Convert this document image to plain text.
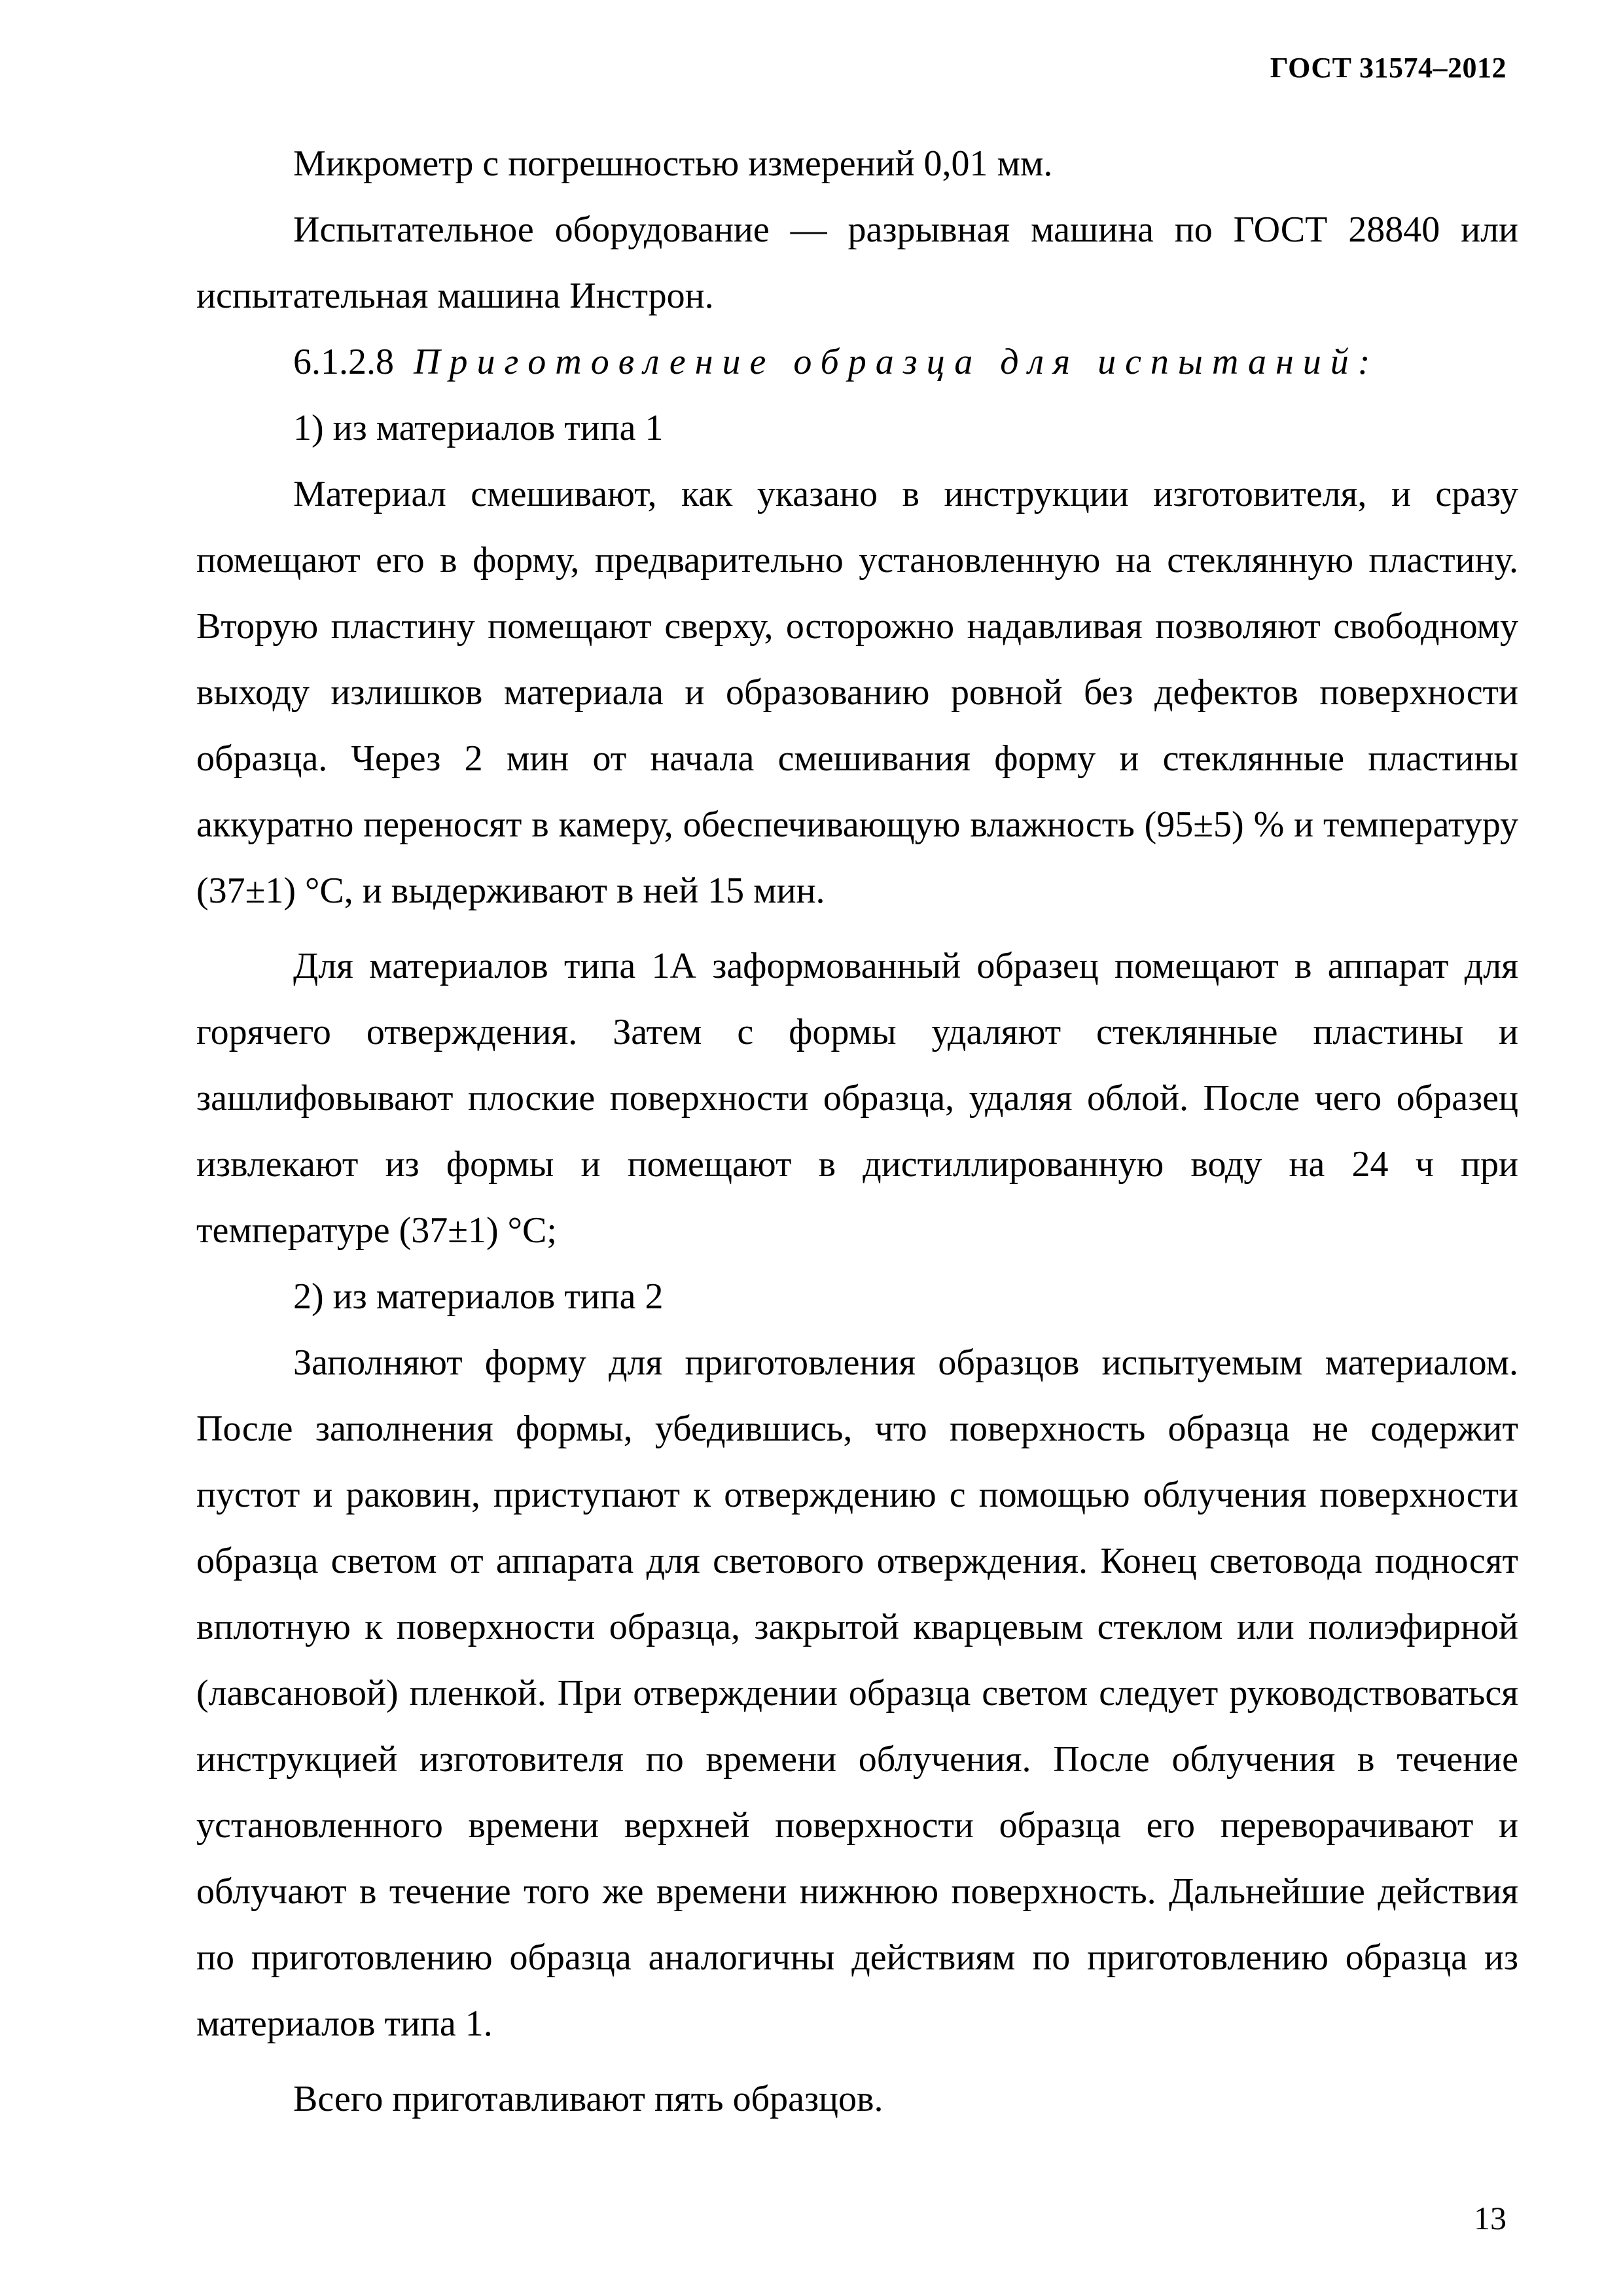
ГОСТ 31574–2012

Микрометр с погрешностью измерений 0,01 мм.

Испытательное оборудование — разрывная машина по ГОСТ 28840 или испытательная машина Инстрон.

6.1.2.8 Приготовление образца для испытаний:

1) из материалов типа 1

Материал смешивают, как указано в инструкции изготовителя, и сразу помещают его в форму, предварительно установленную на стеклянную пластину. Вторую пластину помещают сверху, осторожно надавливая позволяют свободному выходу излишков материала и образованию ровной без дефектов поверхности образца. Через 2 мин от начала смешивания форму и стеклянные пластины аккуратно переносят в камеру, обеспечивающую влажность (95±5) % и температуру (37±1) °С, и выдерживают в ней 15 мин.

Для материалов типа 1А заформованный образец помещают в аппарат для горячего отверждения. Затем с формы удаляют стеклянные пластины и зашлифовывают плоские поверхности образца, удаляя облой. После чего образец извлекают из формы и помещают в дистиллированную воду на 24 ч при температуре (37±1) °С;

2) из материалов типа 2

Заполняют форму для приготовления образцов испытуемым материалом. После заполнения формы, убедившись, что поверхность образца не содержит пустот и раковин, приступают к отверждению с помощью облучения поверхности образца светом от аппарата для светового отверждения. Конец световода подносят вплотную к поверхности образца, закрытой кварцевым стеклом или полиэфирной (лавсановой) пленкой. При отверждении образца светом следует руководствоваться инструкцией изготовителя по времени облучения. После облучения в течение установленного времени верхней поверхности образца его переворачивают и облучают в течение того же времени нижнюю поверхность. Дальнейшие действия по приготовлению образца аналогичны действиям по приготовлению образца из материалов типа 1.

Всего приготавливают пять образцов.

13
